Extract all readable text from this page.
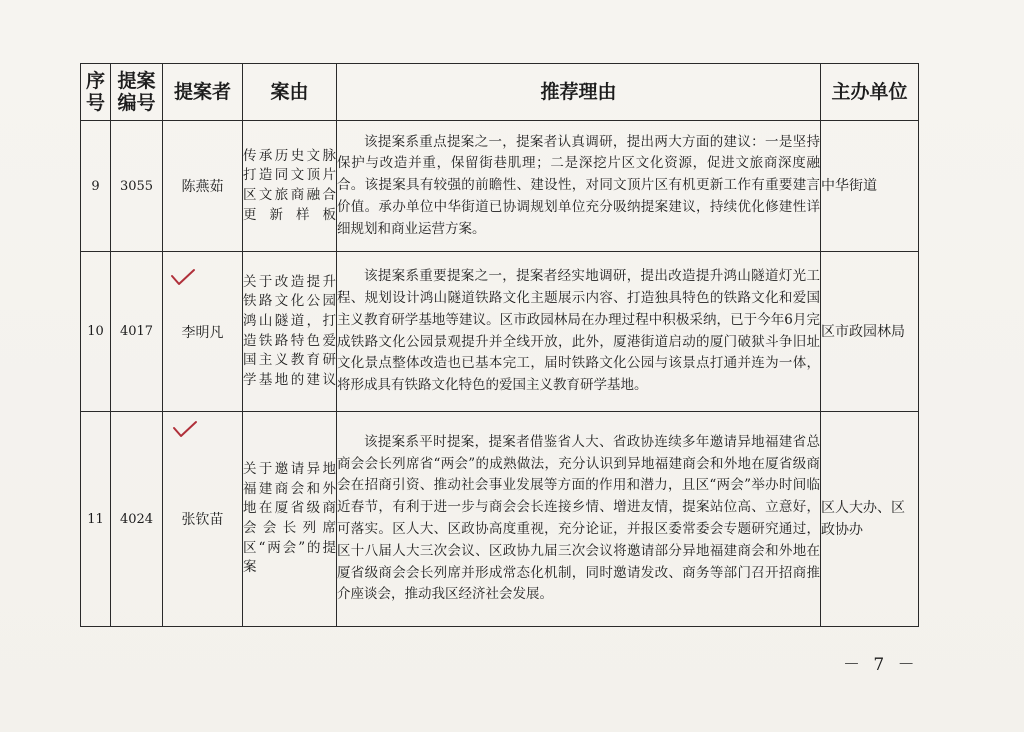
序号	提案编号	提案者	案由	推荐理由	主办单位
9	3055	陈燕茹	传承历史文脉 打造同文顶片区文旅商融合更新样板	该提案系重点提案之一，提案者认真调研，提出两大方面的建议：一是坚持保护与改造并重，保留街巷肌理；二是深挖片区文化资源，促进文旅商深度融合。该提案具有较强的前瞻性、建设性，对同文顶片区有机更新工作有重要建言价值。承办单位中华街道已协调规划单位充分吸纳提案建议，持续优化修建性详细规划和商业运营方案。	中华街道
10	4017	李明凡	关于改造提升铁路文化公园鸿山隧道，打造铁路特色爱国主义教育研学基地的建议	该提案系重要提案之一，提案者经实地调研，提出改造提升鸿山隧道灯光工程、规划设计鸿山隧道铁路文化主题展示内容、打造独具特色的铁路文化和爱国主义教育研学基地等建议。区市政园林局在办理过程中积极采纳，已于今年6月完成铁路文化公园景观提升并全线开放，此外，厦港街道启动的厦门破狱斗争旧址文化景点整体改造也已基本完工，届时铁路文化公园与该景点打通并连为一体，将形成具有铁路文化特色的爱国主义教育研学基地。	区市政园林局
11	4024	张钦苗	关于邀请异地福建商会和外地在厦省级商会会长列席区“两会”的提案	该提案系平时提案，提案者借鉴省人大、省政协连续多年邀请异地福建省总商会会长列席省“两会”的成熟做法，充分认识到异地福建商会和外地在厦省级商会在招商引资、推动社会事业发展等方面的作用和潜力，且区“两会”举办时间临近春节，有利于进一步与商会会长连接乡情、增进友情，提案站位高、立意好，可落实。区人大、区政协高度重视，充分论证，并报区委常委会专题研究通过，区十八届人大三次会议、区政协九届三次会议将邀请部分异地福建商会和外地在厦省级商会会长列席并形成常态化机制，同时邀请发改、商务等部门召开招商推介座谈会，推动我区经济社会发展。	区人大办、区政协办
－ 7 －
